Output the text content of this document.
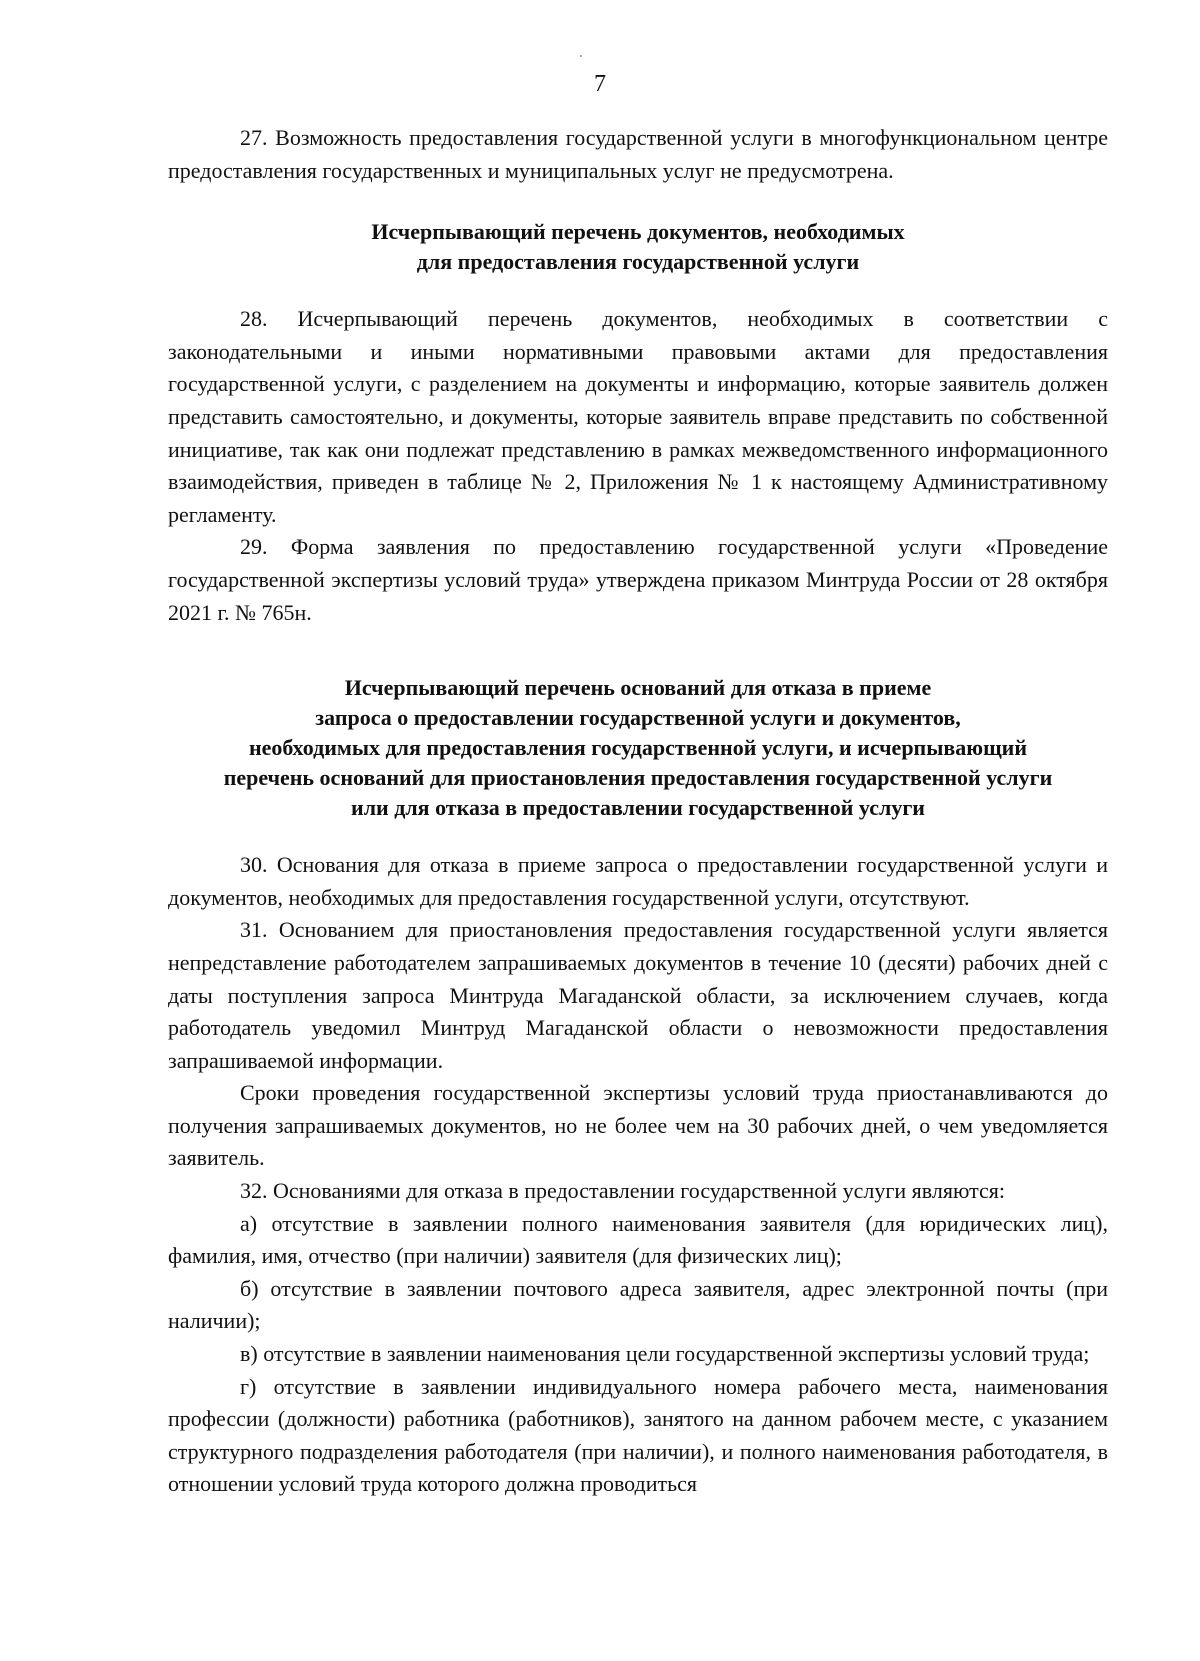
7

27. Возможность предоставления государственной услуги в многофункциональном центре предоставления государственных и муниципальных услуг не предусмотрена.

Исчерпывающий перечень документов, необходимых
для предоставления государственной услуги

28. Исчерпывающий перечень документов, необходимых в соответствии с законодательными и иными нормативными правовыми актами для предоставления государственной услуги, с разделением на документы и информацию, которые заявитель должен представить самостоятельно, и документы, которые заявитель вправе представить по собственной инициативе, так как они подлежат представлению в рамках межведомственного информационного взаимодействия, приведен в таблице № 2, Приложения № 1 к настоящему Административному регламенту.

29. Форма заявления по предоставлению государственной услуги «Проведение государственной экспертизы условий труда» утверждена приказом Минтруда России от 28 октября 2021 г. № 765н.

Исчерпывающий перечень оснований для отказа в приеме
запроса о предоставлении государственной услуги и документов,
необходимых для предоставления государственной услуги, и исчерпывающий
перечень оснований для приостановления предоставления государственной услуги
или для отказа в предоставлении государственной услуги

30. Основания для отказа в приеме запроса о предоставлении государственной услуги и документов, необходимых для предоставления государственной услуги, отсутствуют.

31. Основанием для приостановления предоставления государственной услуги является непредставление работодателем запрашиваемых документов в течение 10 (десяти) рабочих дней с даты поступления запроса Минтруда Магаданской области, за исключением случаев, когда работодатель уведомил Минтруд Магаданской области о невозможности предоставления запрашиваемой информации.

Сроки проведения государственной экспертизы условий труда приостанавливаются до получения запрашиваемых документов, но не более чем на 30 рабочих дней, о чем уведомляется заявитель.

32. Основаниями для отказа в предоставлении государственной услуги являются:

а) отсутствие в заявлении полного наименования заявителя (для юридических лиц), фамилия, имя, отчество (при наличии) заявителя (для физических лиц);

б) отсутствие в заявлении почтового адреса заявителя, адрес электронной почты (при наличии);

в) отсутствие в заявлении наименования цели государственной экспертизы условий труда;

г) отсутствие в заявлении индивидуального номера рабочего места, наименования профессии (должности) работника (работников), занятого на данном рабочем месте, с указанием структурного подразделения работодателя (при наличии), и полного наименования работодателя, в отношении условий труда которого должна проводиться
